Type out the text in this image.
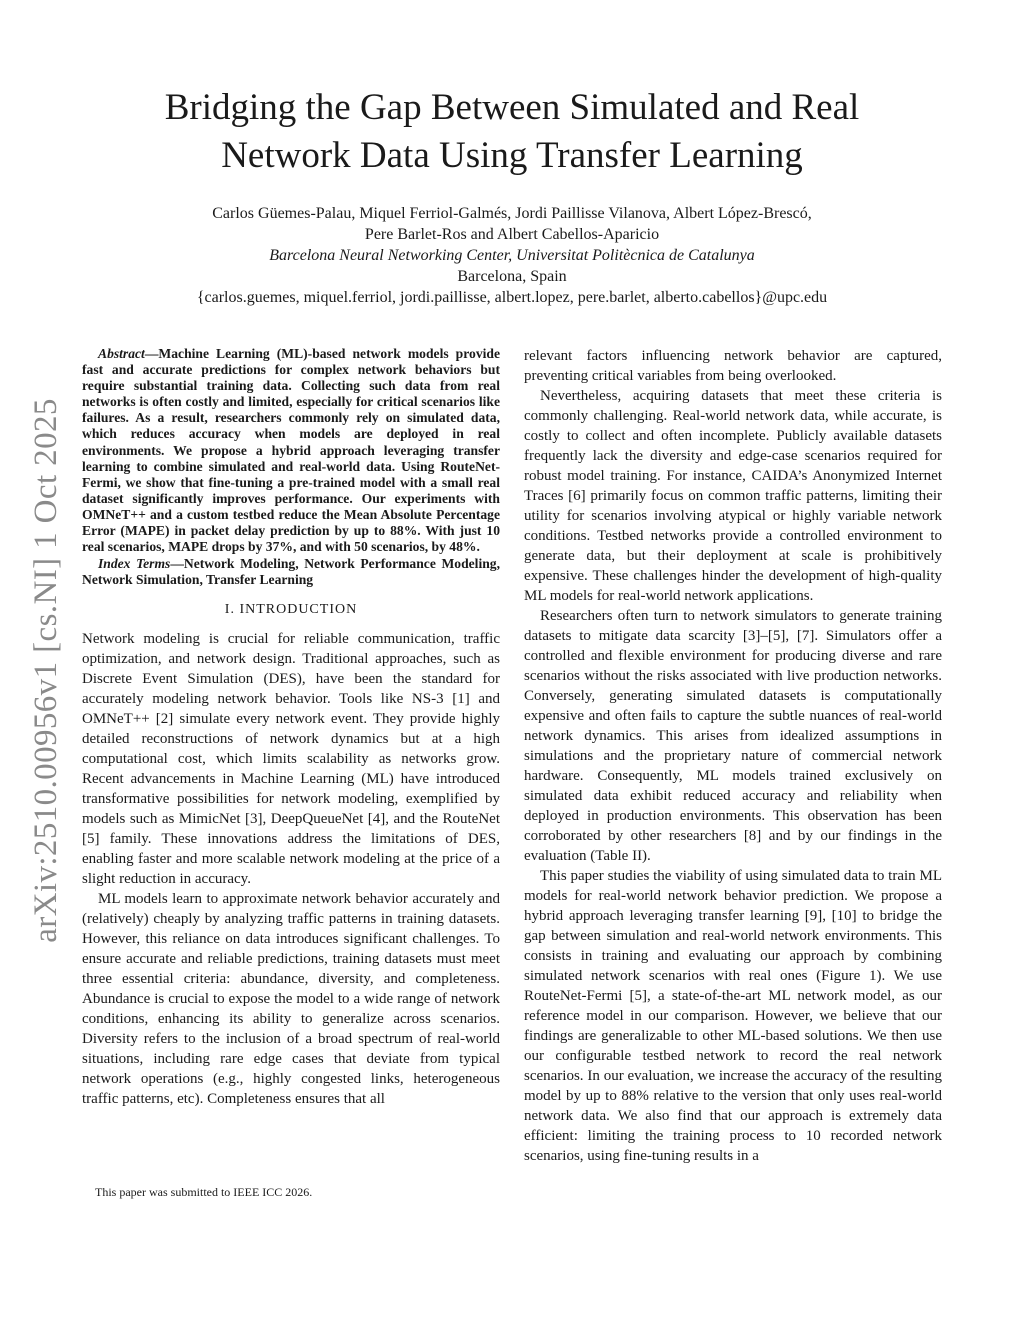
arXiv:2510.00956v1 [cs.NI] 1 Oct 2025
Bridging the Gap Between Simulated and Real
Network Data Using Transfer Learning
Carlos Güemes-Palau, Miquel Ferriol-Galmés, Jordi Paillisse Vilanova, Albert López-Brescó,
Pere Barlet-Ros and Albert Cabellos-Aparicio
Barcelona Neural Networking Center, Universitat Politècnica de Catalunya
Barcelona, Spain
{carlos.guemes, miquel.ferriol, jordi.paillisse, albert.lopez, pere.barlet, alberto.cabellos}@upc.edu

Abstract—Machine Learning (ML)-based network models provide fast and accurate predictions for complex network behaviors but require substantial training data. Collecting such data from real networks is often costly and limited, especially for critical scenarios like failures. As a result, researchers commonly rely on simulated data, which reduces accuracy when models are deployed in real environments. We propose a hybrid approach leveraging transfer learning to combine simulated and real-world data. Using RouteNet-Fermi, we show that fine-tuning a pre-trained model with a small real dataset significantly improves performance. Our experiments with OMNeT++ and a custom testbed reduce the Mean Absolute Percentage Error (MAPE) in packet delay prediction by up to 88%. With just 10 real scenarios, MAPE drops by 37%, and with 50 scenarios, by 48%.

Index Terms—Network Modeling, Network Performance Modeling, Network Simulation, Transfer Learning

I. INTRODUCTION

Network modeling is crucial for reliable communication, traffic optimization, and network design. Traditional approaches, such as Discrete Event Simulation (DES), have been the standard for accurately modeling network behavior. Tools like NS-3 [1] and OMNeT++ [2] simulate every network event. They provide highly detailed reconstructions of network dynamics but at a high computational cost, which limits scalability as networks grow. Recent advancements in Machine Learning (ML) have introduced transformative possibilities for network modeling, exemplified by models such as MimicNet [3], DeepQueueNet [4], and the RouteNet [5] family. These innovations address the limitations of DES, enabling faster and more scalable network modeling at the price of a slight reduction in accuracy.

ML models learn to approximate network behavior accurately and (relatively) cheaply by analyzing traffic patterns in training datasets. However, this reliance on data introduces significant challenges. To ensure accurate and reliable predictions, training datasets must meet three essential criteria: abundance, diversity, and completeness. Abundance is crucial to expose the model to a wide range of network conditions, enhancing its ability to generalize across scenarios. Diversity refers to the inclusion of a broad spectrum of real-world situations, including rare edge cases that deviate from typical network operations (e.g., highly congested links, heterogeneous traffic patterns, etc). Completeness ensures that all

This paper was submitted to IEEE ICC 2026.

relevant factors influencing network behavior are captured, preventing critical variables from being overlooked.

Nevertheless, acquiring datasets that meet these criteria is commonly challenging. Real-world network data, while accurate, is costly to collect and often incomplete. Publicly available datasets frequently lack the diversity and edge-case scenarios required for robust model training. For instance, CAIDA’s Anonymized Internet Traces [6] primarily focus on common traffic patterns, limiting their utility for scenarios involving atypical or highly variable network conditions. Testbed networks provide a controlled environment to generate data, but their deployment at scale is prohibitively expensive. These challenges hinder the development of high-quality ML models for real-world network applications.

Researchers often turn to network simulators to generate training datasets to mitigate data scarcity [3]–[5], [7]. Simulators offer a controlled and flexible environment for producing diverse and rare scenarios without the risks associated with live production networks. Conversely, generating simulated datasets is computationally expensive and often fails to capture the subtle nuances of real-world network dynamics. This arises from idealized assumptions in simulations and the proprietary nature of commercial network hardware. Consequently, ML models trained exclusively on simulated data exhibit reduced accuracy and reliability when deployed in production environments. This observation has been corroborated by other researchers [8] and by our findings in the evaluation (Table II).

This paper studies the viability of using simulated data to train ML models for real-world network behavior prediction. We propose a hybrid approach leveraging transfer learning [9], [10] to bridge the gap between simulation and real-world network environments. This consists in training and evaluating our approach by combining simulated network scenarios with real ones (Figure 1). We use RouteNet-Fermi [5], a state-of-the-art ML network model, as our reference model in our comparison. However, we believe that our findings are generalizable to other ML-based solutions. We then use our configurable testbed network to record the real network scenarios. In our evaluation, we increase the accuracy of the resulting model by up to 88% relative to the version that only uses real-world network data. We also find that our approach is extremely data efficient: limiting the training process to 10 recorded network scenarios, using fine-tuning results in a
